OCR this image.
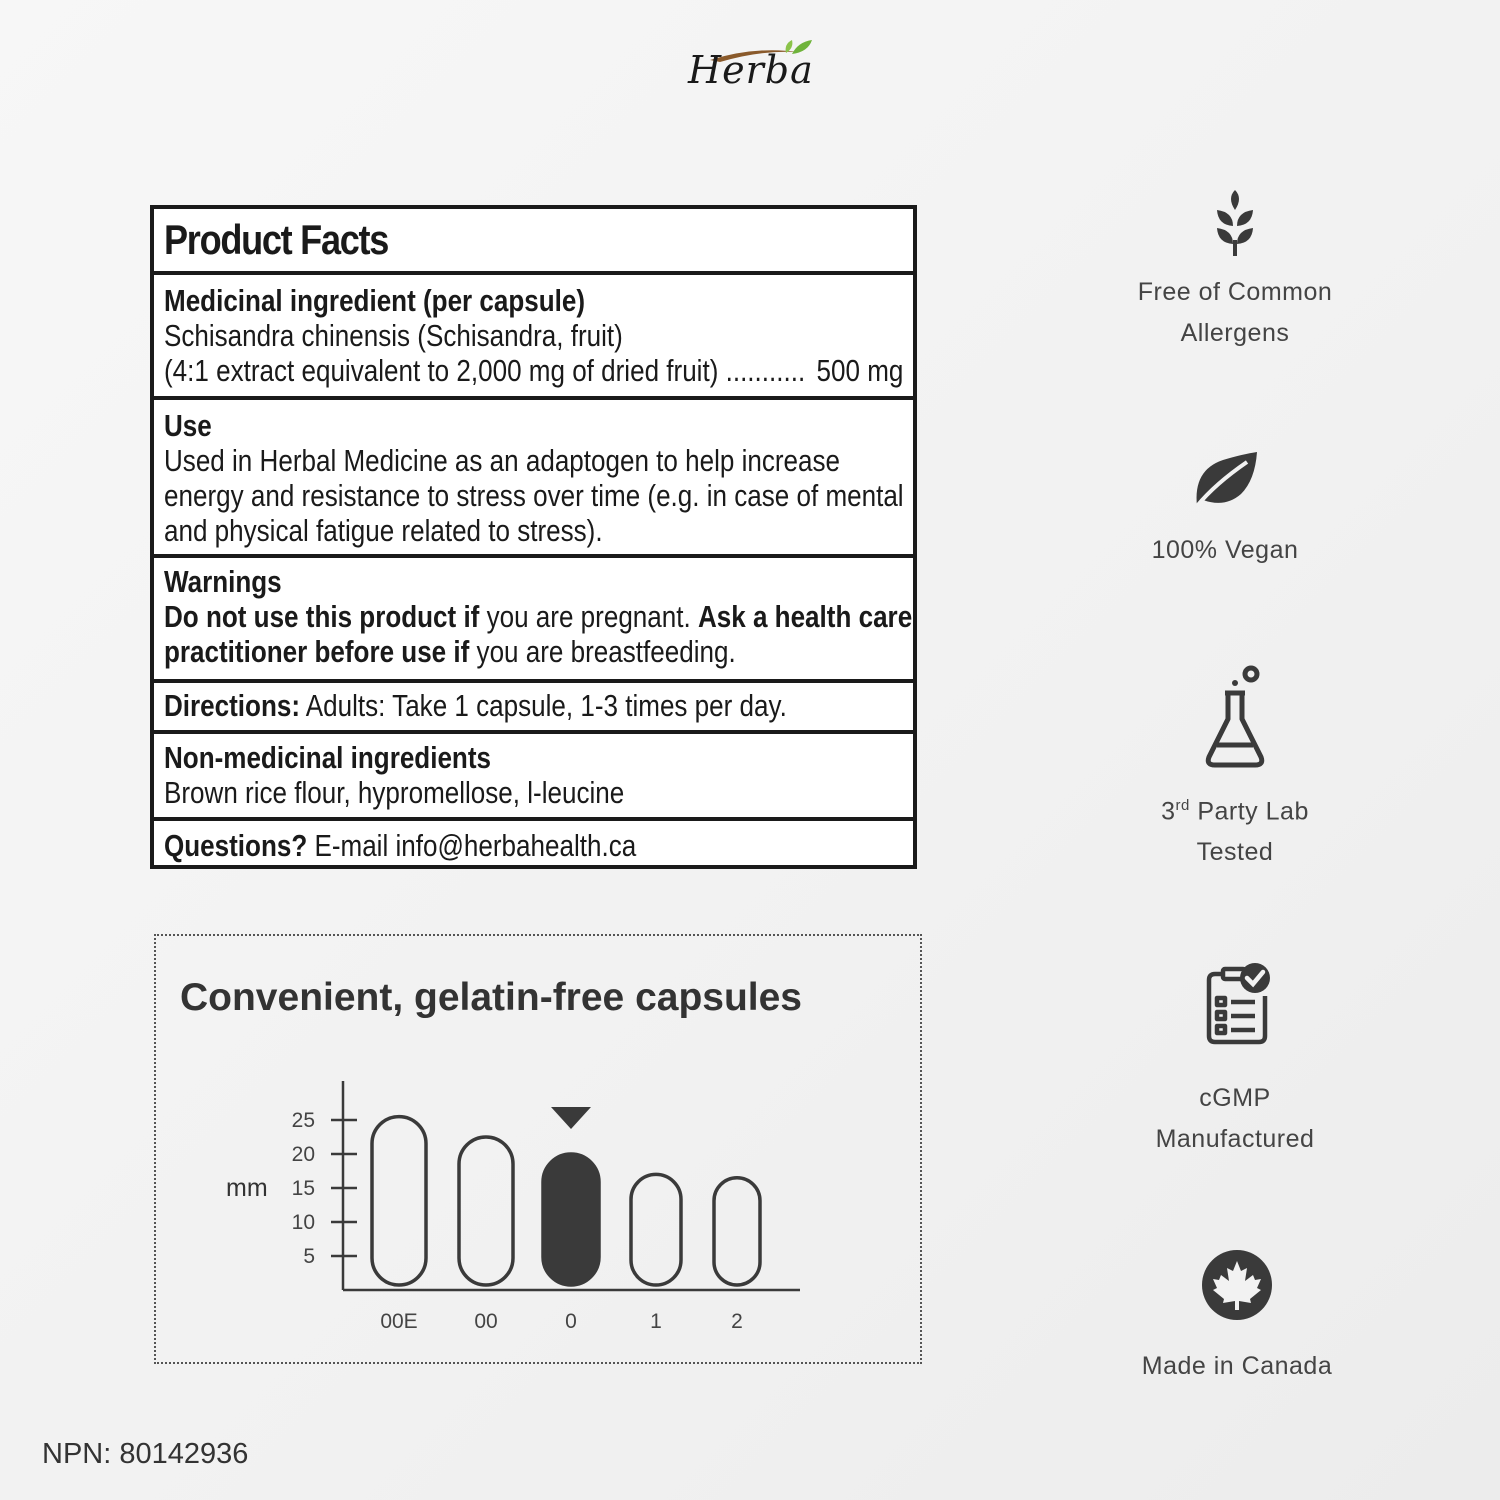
Herba
Product Facts
Medicinal ingredient (per capsule)
Schisandra chinensis (Schisandra, fruit)
(4:1 extract equivalent to 2,000 mg of dried fruit) ........... 500 mg
Use
Used in Herbal Medicine as an adaptogen to help increase
energy and resistance to stress over time (e.g. in case of mental
and physical fatigue related to stress).
Warnings
Do not use this product if you are pregnant. Ask a health care
practitioner before use if you are breastfeeding.
Directions: Adults: Take 1 capsule, 1-3 times per day.
Non-medicinal ingredients
Brown rice flour, hypromellose, l-leucine
Questions? E-mail info@herbahealth.ca
Convenient, gelatin-free capsules
mm
5
10
15
20
25
00E	00	0	1	2
Free of Common
Allergens
100% Vegan
3rd Party Lab
Tested
cGMP
Manufactured
Made in Canada
NPN: 80142936
